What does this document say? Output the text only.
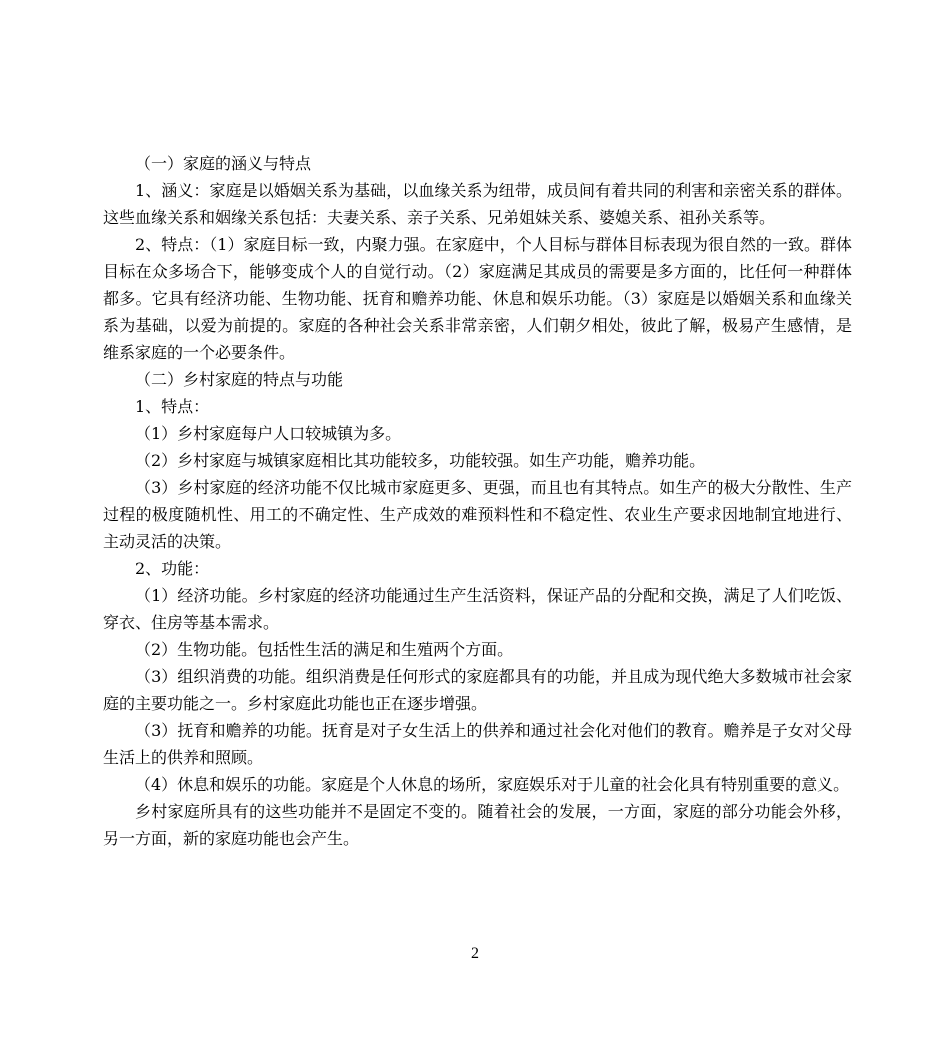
（一）家庭的涵义与特点

1、涵义：家庭是以婚姻关系为基础，以血缘关系为纽带，成员间有着共同的利害和亲密关系的群体。这些血缘关系和姻缘关系包括：夫妻关系、亲子关系、兄弟姐妹关系、婆媳关系、祖孙关系等。

2、特点：（1）家庭目标一致，内聚力强。在家庭中，个人目标与群体目标表现为很自然的一致。群体目标在众多场合下，能够变成个人的自觉行动。（2）家庭满足其成员的需要是多方面的，比任何一种群体都多。它具有经济功能、生物功能、抚育和赡养功能、休息和娱乐功能。（3）家庭是以婚姻关系和血缘关系为基础，以爱为前提的。家庭的各种社会关系非常亲密，人们朝夕相处，彼此了解，极易产生感情，是维系家庭的一个必要条件。

（二）乡村家庭的特点与功能

1、特点：

（1）乡村家庭每户人口较城镇为多。

（2）乡村家庭与城镇家庭相比其功能较多，功能较强。如生产功能，赡养功能。

（3）乡村家庭的经济功能不仅比城市家庭更多、更强，而且也有其特点。如生产的极大分散性、生产过程的极度随机性、用工的不确定性、生产成效的难预料性和不稳定性、农业生产要求因地制宜地进行、主动灵活的决策。

2、功能：

（1）经济功能。乡村家庭的经济功能通过生产生活资料，保证产品的分配和交换，满足了人们吃饭、穿衣、住房等基本需求。

（2）生物功能。包括性生活的满足和生殖两个方面。

（3）组织消费的功能。组织消费是任何形式的家庭都具有的功能，并且成为现代绝大多数城市社会家庭的主要功能之一。乡村家庭此功能也正在逐步增强。

（3）抚育和赡养的功能。抚育是对子女生活上的供养和通过社会化对他们的教育。赡养是子女对父母生活上的供养和照顾。

（4）休息和娱乐的功能。家庭是个人休息的场所，家庭娱乐对于儿童的社会化具有特别重要的意义。

乡村家庭所具有的这些功能并不是固定不变的。随着社会的发展，一方面，家庭的部分功能会外移，另一方面，新的家庭功能也会产生。

2
